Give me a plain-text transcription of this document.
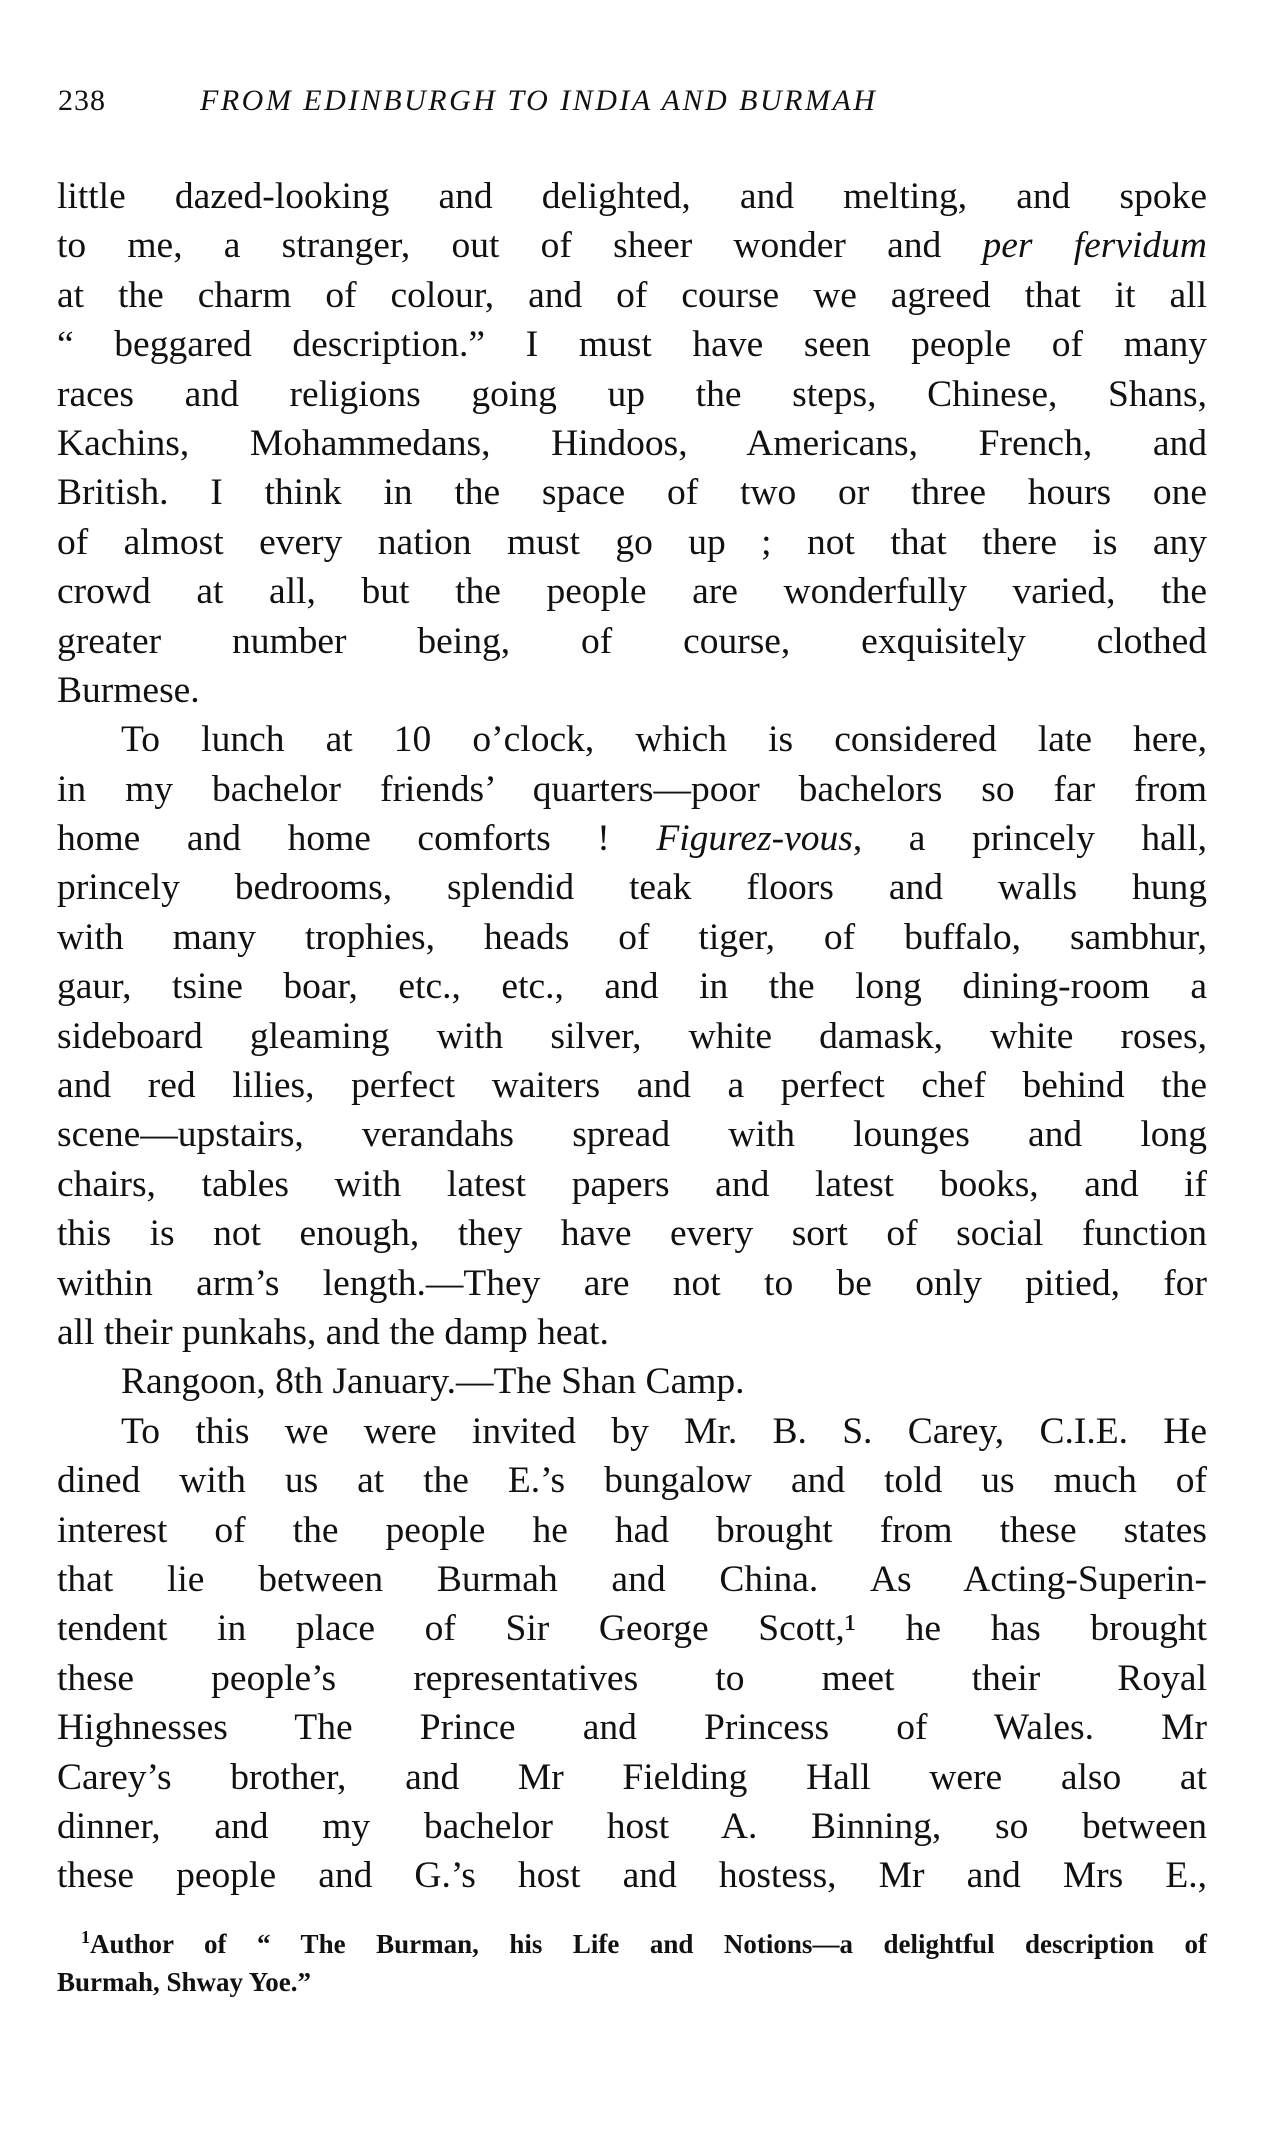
238	FROM EDINBURGH TO INDIA AND BURMAH
little dazed-looking and delighted, and melting, and spoke
to me, a stranger, out of sheer wonder and per fervidum
at the charm of colour, and of course we agreed that it all
“ beggared description.” I must have seen people of many
races and religions going up the steps, Chinese, Shans,
Kachins, Mohammedans, Hindoos, Americans, French, and
British. I think in the space of two or three hours one
of almost every nation must go up ; not that there is any
crowd at all, but the people are wonderfully varied, the
greater number being, of course, exquisitely clothed
Burmese.
To lunch at 10 o’clock, which is considered late here,
in my bachelor friends’ quarters—poor bachelors so far from
home and home comforts ! Figurez-vous, a princely hall,
princely bedrooms, splendid teak floors and walls hung
with many trophies, heads of tiger, of buffalo, sambhur,
gaur, tsine boar, etc., etc., and in the long dining-room a
sideboard gleaming with silver, white damask, white roses,
and red lilies, perfect waiters and a perfect chef behind the
scene—upstairs, verandahs spread with lounges and long
chairs, tables with latest papers and latest books, and if
this is not enough, they have every sort of social function
within arm’s length.—They are not to be only pitied, for
all their punkahs, and the damp heat.
Rangoon, 8th January.—The Shan Camp.
To this we were invited by Mr. B. S. Carey, C.I.E. He
dined with us at the E.’s bungalow and told us much of
interest of the people he had brought from these states
that lie between Burmah and China. As Acting-Superin-
tendent in place of Sir George Scott,¹ he has brought
these people’s representatives to meet their Royal
Highnesses The Prince and Princess of Wales. Mr
Carey’s brother, and Mr Fielding Hall were also at
dinner, and my bachelor host A. Binning, so between
these people and G.’s host and hostess, Mr and Mrs E.,
$^1$Author of “ The Burman, his Life and Notions—a delightful description of
Burmah, Shway Yoe.”
